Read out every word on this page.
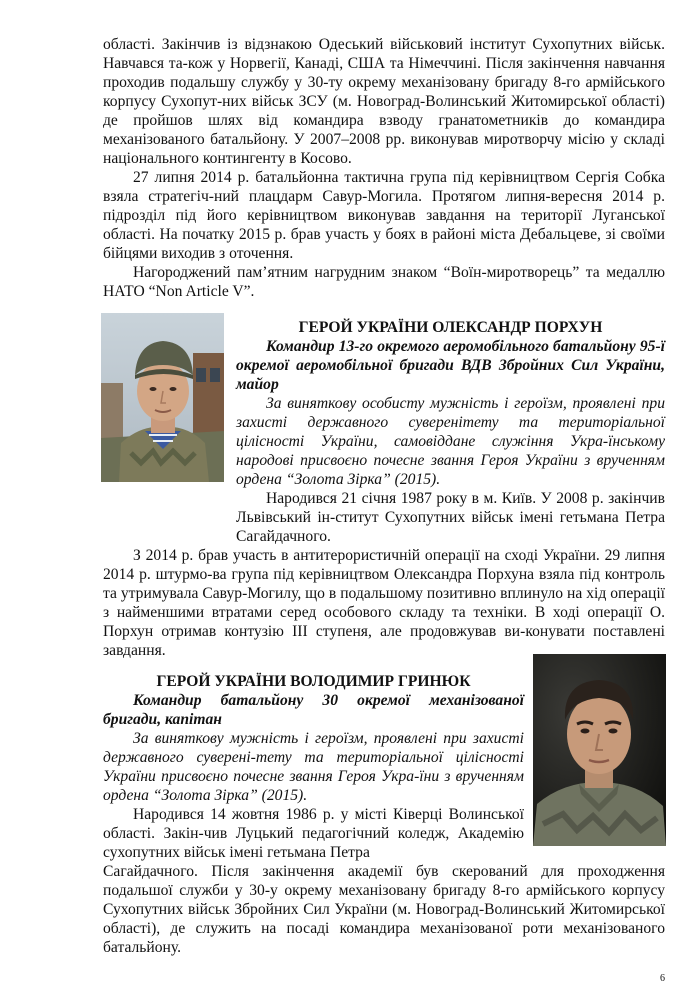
області. Закінчив із відзнакою Одеський військовий інститут Сухопутних військ. Навчався та-кож у Норвегії, Канаді, США та Німеччині. Після закінчення навчання проходив подальшу службу у 30-ту окрему механізовану бригаду 8-го армійського корпусу Сухопут-них військ ЗСУ (м. Новоград-Волинський Житомирської області) де пройшов шлях від командира взводу гранатометників до командира механізованого батальйону. У 2007–2008 рр. виконував миротворчу місію у складі національного контингенту в Косово.

27 липня 2014 р. батальйонна тактична група під керівництвом Сергія Собка взяла стратегіч-ний плацдарм Савур-Могила. Протягом липня-вересня 2014 р. підрозділ під його керівництвом виконував завдання на території Луганської області. На початку 2015 р. брав участь у боях в районі міста Дебальцеве, зі своїми бійцями виходив з оточення.

Нагороджений пам’ятним нагрудним знаком “Воїн-миротворець” та медаллю НАТО “Non Article V”.

ГЕРОЙ УКРАЇНИ ОЛЕКСАНДР ПОРХУН

Командир 13-го окремого аеромобільного батальйону 95-ї окремої аеромобільної бригади ВДВ Збройних Сил України, майор

За виняткову особисту мужність і героїзм, проявлені при захисті державного суверенітету та територіальної цілісності України, самовіддане служіння Укра-їнському народові присвоєно почесне звання Героя України з врученням ордена “Золота Зірка” (2015).

Народився 21 січня 1987 року в м. Київ. У 2008 р. закінчив Львівський ін-ститут Сухопутних військ імені гетьмана Петра Сагайдачного.

З 2014 р. брав участь в антитерористичній операції на сході України. 29 липня 2014 р. штурмо-ва група під керівництвом Олександра Порхуна взяла під контроль та утримувала Савур-Могилу, що в подальшому позитивно вплинуло на хід операції з найменшими втратами серед особового складу та техніки. В ході операції О. Порхун отримав контузію ІІІ ступеня, але продовжував ви-конувати поставлені завдання.

ГЕРОЙ УКРАЇНИ ВОЛОДИМИР ГРИНЮК

Командир батальйону 30 окремої механізованої бригади, капітан

За виняткову мужність і героїзм, проявлені при захисті державного суверені-тету та територіальної цілісності України присвоєно почесне звання Героя Укра-їни з врученням ордена “Золота Зірка” (2015).

Народився 14 жовтня 1986 р. у місті Ківерці Волинської області. Закін-чив Луцький педагогічний коледж, Академію сухопутних військ імені гетьмана Петра

Сагайдачного. Після закінчення академії був скерований для проходження подальшої служби у 30-у окрему механізовану бригаду 8-го армійського корпусу Сухопутних військ Збройних Сил України (м. Новоград-Волинський Житомирської області), де служить на посаді командира механізованої роти механізованого батальйону.

6
